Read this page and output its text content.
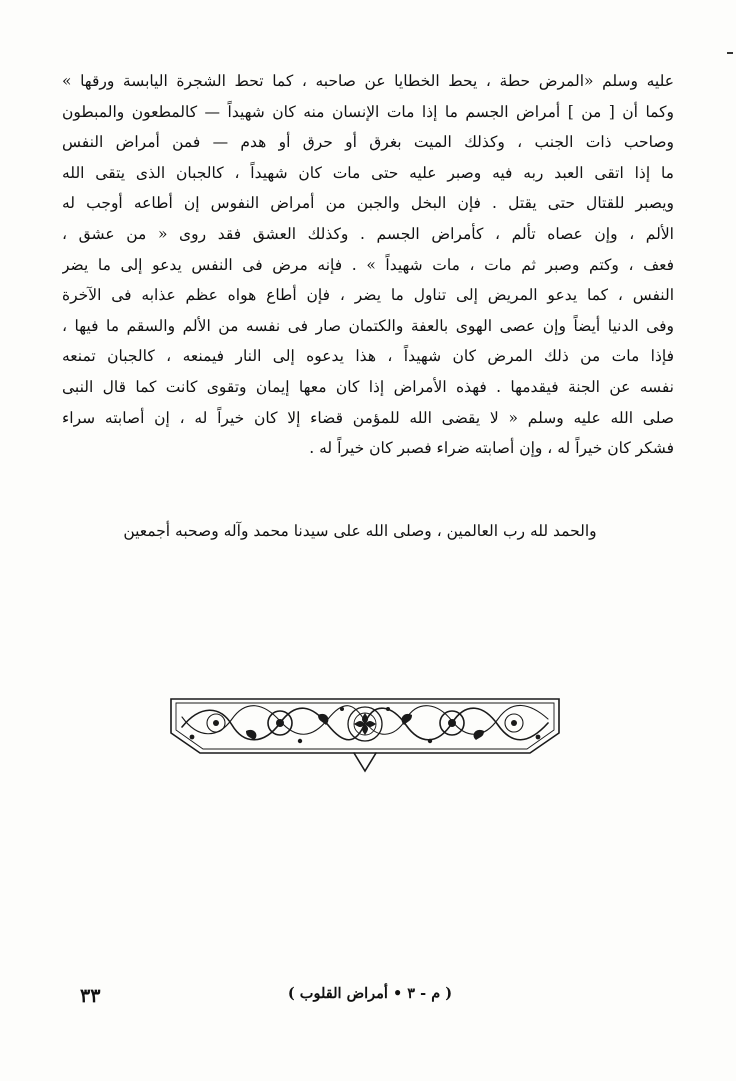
عليه وسلم «المرض حطة ، يحط الخطايا عن صاحبه ، كما تحط الشجرة اليابسة ورقها »
وكما أن [ من ] أمراض الجسم ما إذا مات الإنسان منه كان شهيداً — كالمطعون والمبطون
وصاحب ذات الجنب ، وكذلك الميت بغرق أو حرق أو هدم — فمن أمراض النفس
ما إذا اتقى العبد ربه فيه وصبر عليه حتى مات كان شهيداً ، كالجبان الذى يتقى الله
ويصبر للقتال حتى يقتل . فإن البخل والجبن من أمراض النفوس إن أطاعه أوجب له
الألم ، وإن عصاه تألم ، كأمراض الجسم . وكذلك العشق فقد روى « من عشق ،
فعف ، وكتم وصبر ثم مات ، مات شهيداً » . فإنه مرض فى النفس يدعو إلى ما يضر
النفس ، كما يدعو المريض إلى تناول ما يضر ، فإن أطاع هواه عظم عذابه فى الآخرة
وفى الدنيا أيضاً وإن عصى الهوى بالعفة والكتمان صار فى نفسه من الألم والسقم ما فيها ،
فإذا مات من ذلك المرض كان شهيداً ، هذا يدعوه إلى النار فيمنعه ، كالجبان تمنعه
نفسه عن الجنة فيقدمها . فهذه الأمراض إذا كان معها إيمان وتقوى كانت كما قال النبى
صلى الله عليه وسلم « لا يقضى الله للمؤمن قضاء إلا كان خيراً له ، إن أصابته سراء
فشكر كان خيراً له ، وإن أصابته ضراء فصبر كان خيراً له .
والحمد لله رب العالمين ، وصلى الله على سيدنا محمد وآله وصحبه أجمعين
( م - ٣ • أمراض القلوب )
٣٣
